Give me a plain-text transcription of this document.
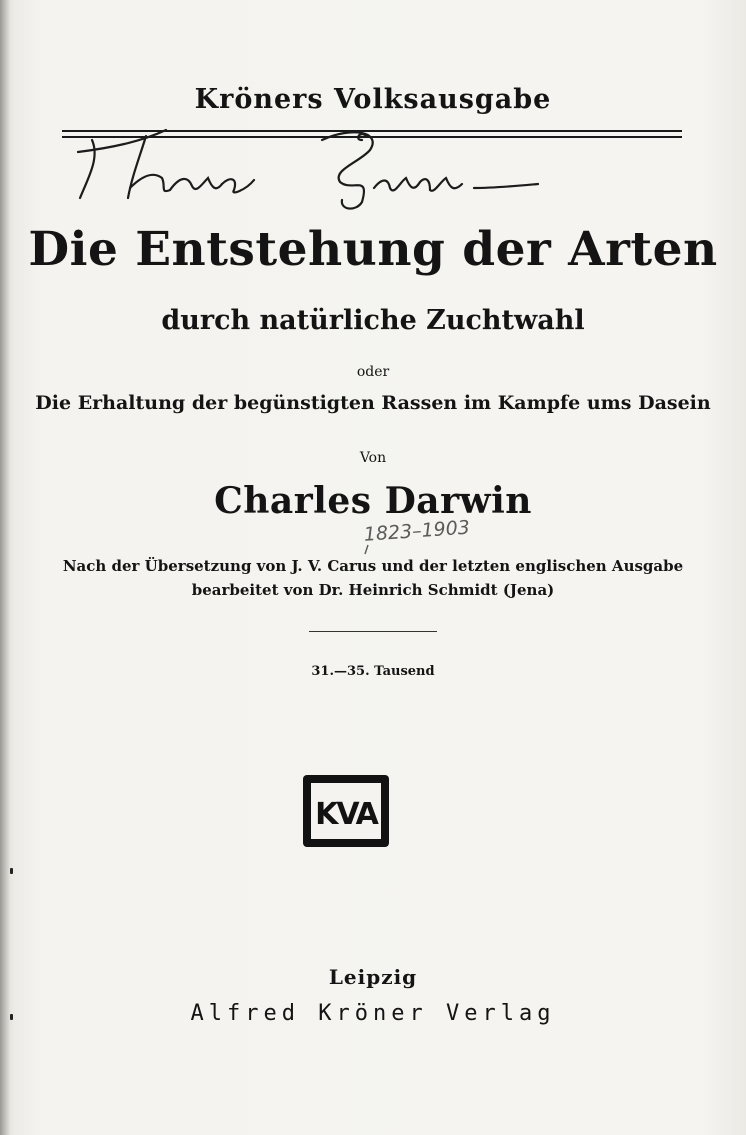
Kröners Volksausgabe
Die Entstehung der Arten
durch natürliche Zuchtwahl
oder
Die Erhaltung der begünstigten Rassen im Kampfe ums Dasein
Von
Charles Darwin
1823–1903
Nach der Übersetzung von J. V. Carus und der letzten englischen Ausgabe
bearbeitet von Dr. Heinrich Schmidt (Jena)
31.—35. Tausend
KVA
Leipzig
Alfred Kröner Verlag
